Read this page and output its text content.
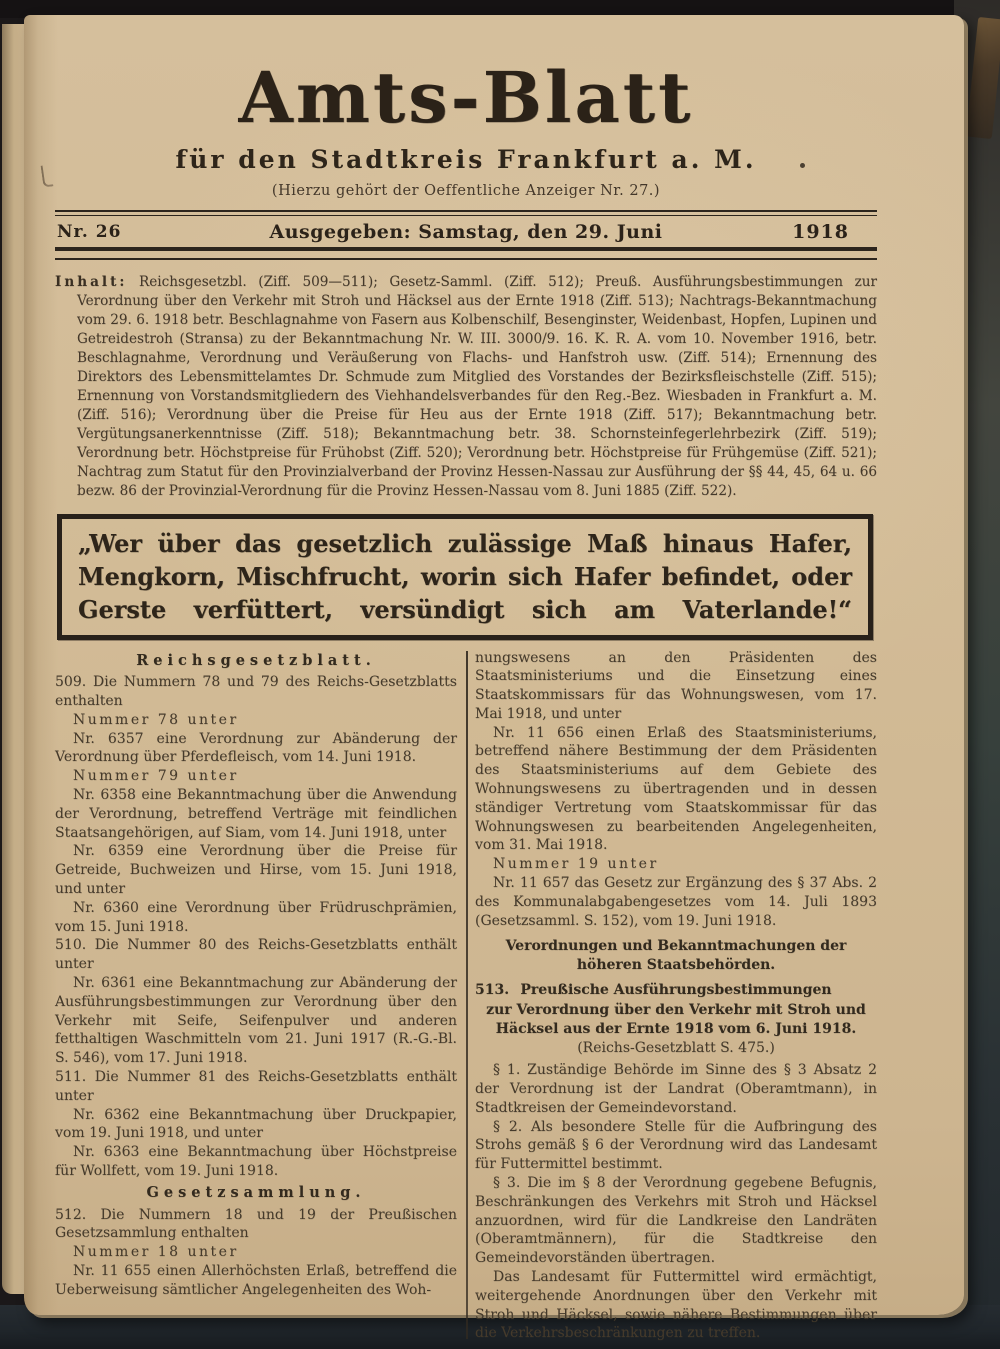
Amts-Blatt
für den Stadtkreis Frankfurt a. M.
(Hierzu gehört der Oeffentliche Anzeiger Nr. 27.)
Nr. 26	Ausgegeben: Samstag, den 29. Juni	1918
Inhalt: Reichsgesetzbl. (Ziff. 509—511); Gesetz-Samml. (Ziff. 512); Preuß. Ausführungsbestimmungen zur Verordnung über den Verkehr mit Stroh und Häcksel aus der Ernte 1918 (Ziff. 513); Nachtrags-Bekanntmachung vom 29. 6. 1918 betr. Beschlagnahme von Fasern aus Kolbenschilf, Besenginster, Weidenbast, Hopfen, Lupinen und Getreidestroh (Stransa) zu der Bekanntmachung Nr. W. III. 3000/9. 16. K. R. A. vom 10. November 1916, betr. Beschlagnahme, Verordnung und Veräußerung von Flachs- und Hanfstroh usw. (Ziff. 514); Ernennung des Direktors des Lebensmittelamtes Dr. Schmude zum Mitglied des Vorstandes der Bezirksfleischstelle (Ziff. 515); Ernennung von Vorstandsmitgliedern des Viehhandelsverbandes für den Reg.-Bez. Wiesbaden in Frankfurt a. M. (Ziff. 516); Verordnung über die Preise für Heu aus der Ernte 1918 (Ziff. 517); Bekanntmachung betr. Vergütungsanerkenntnisse (Ziff. 518); Bekanntmachung betr. 38. Schornsteinfegerlehrbezirk (Ziff. 519); Verordnung betr. Höchstpreise für Frühobst (Ziff. 520); Verordnung betr. Höchstpreise für Frühgemüse (Ziff. 521); Nachtrag zum Statut für den Provinzialverband der Provinz Hessen-Nassau zur Ausführung der §§ 44, 45, 64 u. 66 bezw. 86 der Provinzial-Verordnung für die Provinz Hessen-Nassau vom 8. Juni 1885 (Ziff. 522).
„Wer über das gesetzlich zulässige Maß hinaus Hafer,
Mengkorn, Mischfrucht, worin sich Hafer befindet, oder
Gerste verfüttert, versündigt sich am Vaterlande!“
Reichsgesetzblatt.
509. Die Nummern 78 und 79 des Reichs-Gesetzblatts enthalten
Nummer 78 unter
Nr. 6357 eine Verordnung zur Abänderung der Verordnung über Pferdefleisch, vom 14. Juni 1918.
Nummer 79 unter
Nr. 6358 eine Bekanntmachung über die Anwendung der Verordnung, betreffend Verträge mit feindlichen Staatsangehörigen, auf Siam, vom 14. Juni 1918, unter
Nr. 6359 eine Verordnung über die Preise für Getreide, Buchweizen und Hirse, vom 15. Juni 1918, und unter
Nr. 6360 eine Verordnung über Früdruschprämien, vom 15. Juni 1918.
510. Die Nummer 80 des Reichs-Gesetzblatts enthält unter
Nr. 6361 eine Bekanntmachung zur Abänderung der Ausführungsbestimmungen zur Verordnung über den Verkehr mit Seife, Seifenpulver und anderen fetthaltigen Waschmitteln vom 21. Juni 1917 (R.-G.-Bl. S. 546), vom 17. Juni 1918.
511. Die Nummer 81 des Reichs-Gesetzblatts enthält unter
Nr. 6362 eine Bekanntmachung über Druckpapier, vom 19. Juni 1918, und unter
Nr. 6363 eine Bekanntmachung über Höchstpreise für Wollfett, vom 19. Juni 1918.
Gesetzsammlung.
512. Die Nummern 18 und 19 der Preußischen Gesetzsammlung enthalten
Nummer 18 unter
Nr. 11 655 einen Allerhöchsten Erlaß, betreffend die Ueberweisung sämtlicher Angelegenheiten des Woh-
nungswesens an den Präsidenten des Staatsministeriums und die Einsetzung eines Staatskommissars für das Wohnungswesen, vom 17. Mai 1918, und unter
Nr. 11 656 einen Erlaß des Staatsministeriums, betreffend nähere Bestimmung der dem Präsidenten des Staatsministeriums auf dem Gebiete des Wohnungswesens zu übertragenden und in dessen ständiger Vertretung vom Staatskommissar für das Wohnungswesen zu bearbeitenden Angelegenheiten, vom 31. Mai 1918.
Nummer 19 unter
Nr. 11 657 das Gesetz zur Ergänzung des § 37 Abs. 2 des Kommunalabgabengesetzes vom 14. Juli 1893 (Gesetzsamml. S. 152), vom 19. Juni 1918.
Verordnungen und Bekanntmachungen der höheren Staatsbehörden.
513. Preußische Ausführungsbestimmungen
zur Verordnung über den Verkehr mit Stroh und Häcksel aus der Ernte 1918 vom 6. Juni 1918.
(Reichs-Gesetzblatt S. 475.)
§ 1. Zuständige Behörde im Sinne des § 3 Absatz 2 der Verordnung ist der Landrat (Oberamtmann), in Stadtkreisen der Gemeindevorstand.
§ 2. Als besondere Stelle für die Aufbringung des Strohs gemäß § 6 der Verordnung wird das Landesamt für Futtermittel bestimmt.
§ 3. Die im § 8 der Verordnung gegebene Befugnis, Beschränkungen des Verkehrs mit Stroh und Häcksel anzuordnen, wird für die Landkreise den Landräten (Oberamtmännern), für die Stadtkreise den Gemeindevorständen übertragen.
Das Landesamt für Futtermittel wird ermächtigt, weitergehende Anordnungen über den Verkehr mit Stroh und Häcksel, sowie nähere Bestimmungen über die Verkehrsbeschränkungen zu treffen.
